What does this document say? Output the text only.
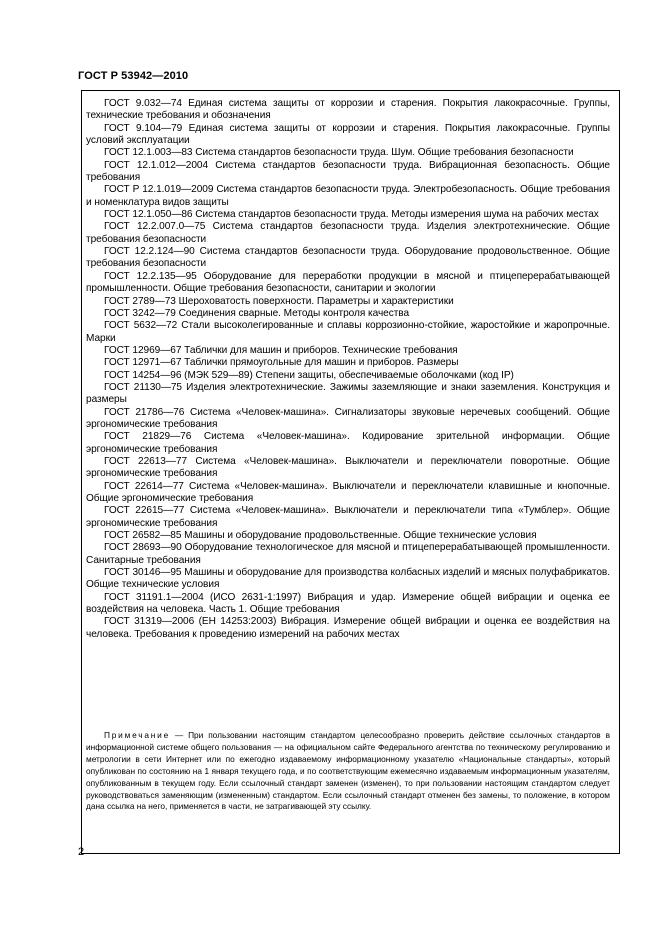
ГОСТ Р 53942—2010

ГОСТ 9.032—74 Единая система защиты от коррозии и старения. Покрытия лакокрасочные. Группы, технические требования и обозначения

ГОСТ 9.104—79 Единая система защиты от коррозии и старения. Покрытия лакокрасочные. Группы условий эксплуатации

ГОСТ 12.1.003—83 Система стандартов безопасности труда. Шум. Общие требования безопасности

ГОСТ 12.1.012—2004 Система стандартов безопасности труда. Вибрационная безопасность. Общие требования

ГОСТ Р 12.1.019—2009 Система стандартов безопасности труда. Электробезопасность. Общие требования и номенклатура видов защиты

ГОСТ 12.1.050—86 Система стандартов безопасности труда. Методы измерения шума на рабочих местах

ГОСТ 12.2.007.0—75 Система стандартов безопасности труда. Изделия электротехнические. Общие требования безопасности

ГОСТ 12.2.124—90 Система стандартов безопасности труда. Оборудование продовольственное. Общие требования безопасности

ГОСТ 12.2.135—95 Оборудование для переработки продукции в мясной и птицеперерабатывающей промышленности. Общие требования безопасности, санитарии и экологии

ГОСТ 2789—73 Шероховатость поверхности. Параметры и характеристики

ГОСТ 3242—79 Соединения сварные. Методы контроля качества

ГОСТ 5632—72 Стали высоколегированные и сплавы коррозионно-стойкие, жаростойкие и жаропрочные. Марки

ГОСТ 12969—67 Таблички для машин и приборов. Технические требования

ГОСТ 12971—67 Таблички прямоугольные для машин и приборов. Размеры

ГОСТ 14254—96 (МЭК 529—89) Степени защиты, обеспечиваемые оболочками (код IP)

ГОСТ 21130—75 Изделия электротехнические. Зажимы заземляющие и знаки заземления. Конструкция и размеры

ГОСТ 21786—76 Система «Человек-машина». Сигнализаторы звуковые неречевых сообщений. Общие эргономические требования

ГОСТ 21829—76 Система «Человек-машина». Кодирование зрительной информации. Общие эргономические требования

ГОСТ 22613—77 Система «Человек-машина». Выключатели и переключатели поворотные. Общие эргономические требования

ГОСТ 22614—77 Система «Человек-машина». Выключатели и переключатели клавишные и кнопочные. Общие эргономические требования

ГОСТ 22615—77 Система «Человек-машина». Выключатели и переключатели типа «Тумблер». Общие эргономические требования

ГОСТ 26582—85 Машины и оборудование продовольственные. Общие технические условия

ГОСТ 28693—90 Оборудование технологическое для мясной и птицеперерабатывающей промышленности. Санитарные требования

ГОСТ 30146—95 Машины и оборудование для производства колбасных изделий и мясных полуфабрикатов. Общие технические условия

ГОСТ 31191.1—2004 (ИСО 2631-1:1997) Вибрация и удар. Измерение общей вибрации и оценка ее воздействия на человека. Часть 1. Общие требования

ГОСТ 31319—2006 (ЕН 14253:2003) Вибрация. Измерение общей вибрации и оценка ее воздействия на человека. Требования к проведению измерений на рабочих местах

Примечание — При пользовании настоящим стандартом целесообразно проверить действие ссылочных стандартов в информационной системе общего пользования — на официальном сайте Федерального агентства по техническому регулированию и метрологии в сети Интернет или по ежегодно издаваемому информационному указателю «Национальные стандарты», который опубликован по состоянию на 1 января текущего года, и по соответствующим ежемесячно издаваемым информационным указателям, опубликованным в текущем году. Если ссылочный стандарт заменен (изменен), то при пользовании настоящим стандартом следует руководствоваться заменяющим (измененным) стандартом. Если ссылочный стандарт отменен без замены, то положение, в котором дана ссылка на него, применяется в части, не затрагивающей эту ссылку.

2
